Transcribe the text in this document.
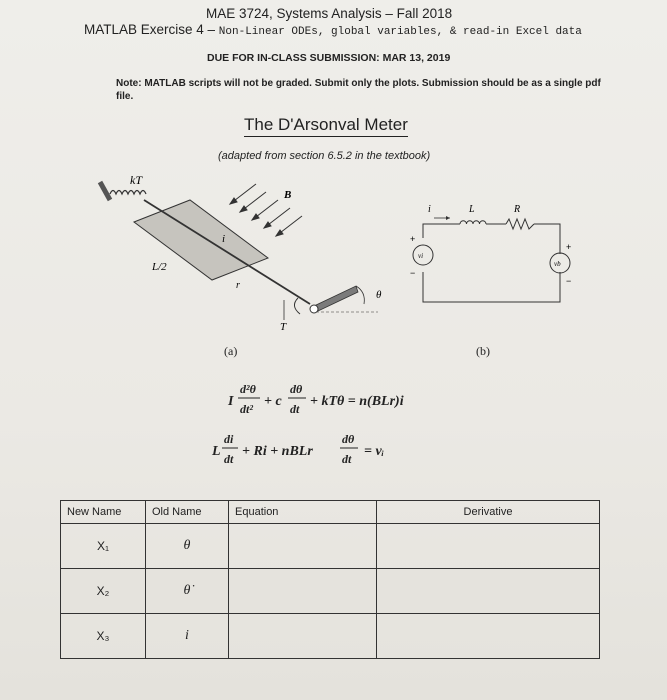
MAE 3724, Systems Analysis – Fall 2018
MATLAB Exercise 4 – Non-Linear ODEs, global variables, & read-in Excel data
DUE FOR IN-CLASS SUBMISSION: MAR 13, 2019
Note: MATLAB scripts will not be graded. Submit only the plots. Submission should be as a single pdf file.
The D'Arsonval Meter
(adapted from section 6.5.2 in the textbook)
kT
B
i
L/2
r
θ
T
i	L	R
vi
+
−
vb
+
−
(a)	(b)
I
d²θ
dt² + c
dθ
dt + kTθ = n(BLr)i
L
di
dt + Ri + nBLr
dθ
dt = vᵢ
New Name	Old Name	Equation	Derivative
X₁	θ		
X₂	θ̇		
X₃	i		
